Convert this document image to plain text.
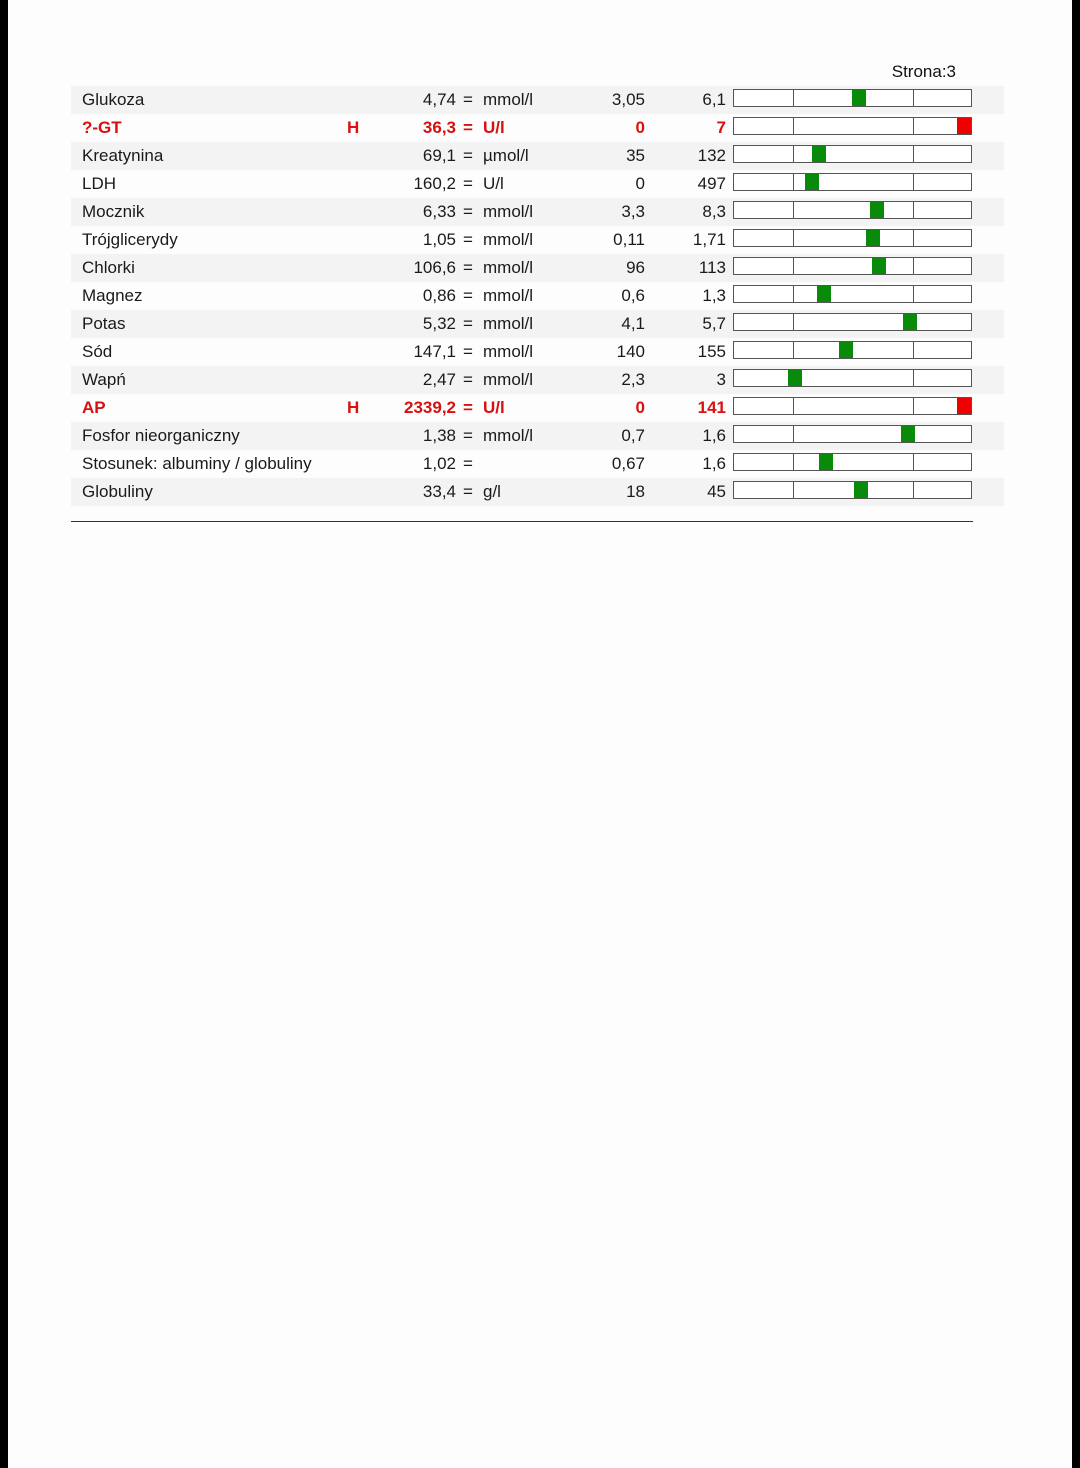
Strona:3
Glukoza	4,74 = mmol/l	3,05	6,1
?-GT	H	36,3 = U/l	0	7
Kreatynina	69,1 = µmol/l	35	132
LDH	160,2 = U/l	0	497
Mocznik	6,33 = mmol/l	3,3	8,3
Trójglicerydy	1,05 = mmol/l	0,11	1,71
Chlorki	106,6 = mmol/l	96	113
Magnez	0,86 = mmol/l	0,6	1,3
Potas	5,32 = mmol/l	4,1	5,7
Sód	147,1 = mmol/l	140	155
Wapń	2,47 = mmol/l	2,3	3
AP	H	2339,2 = U/l	0	141
Fosfor nieorganiczny	1,38 = mmol/l	0,7	1,6
Stosunek: albuminy / globuliny	1,02 =	0,67	1,6
Globuliny	33,4 = g/l	18	45
